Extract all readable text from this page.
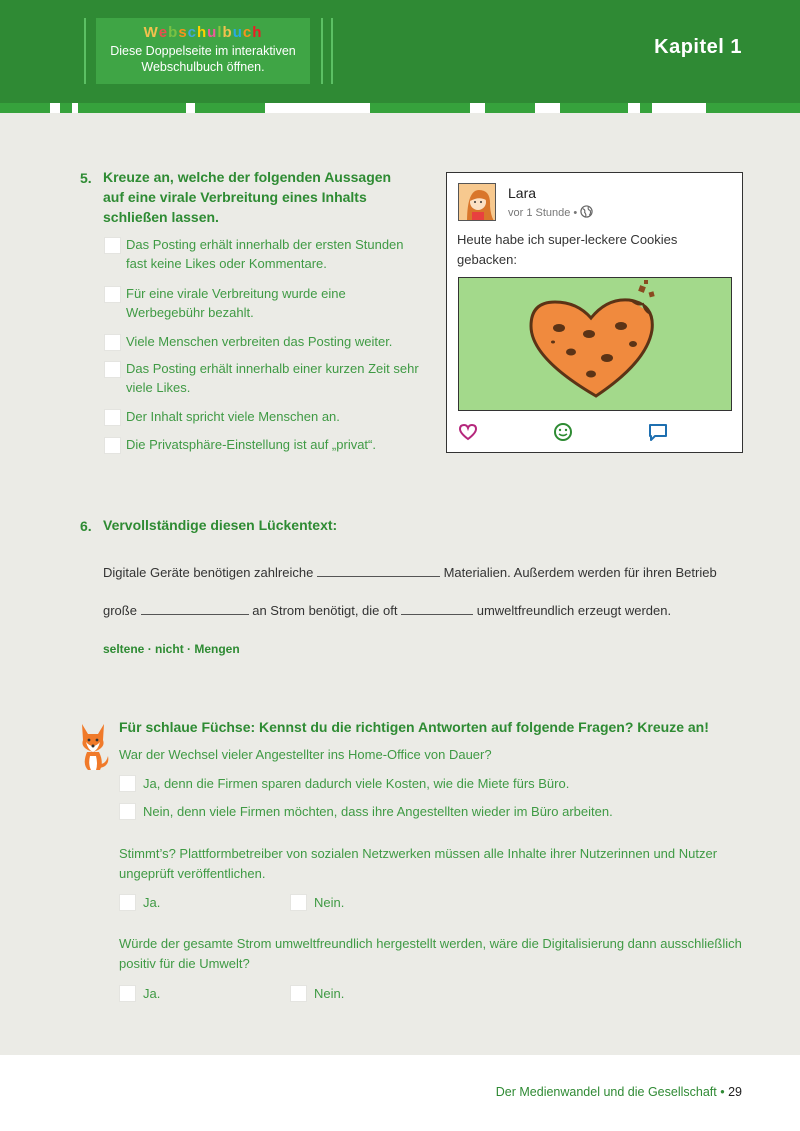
Webschulbuch
Diese Doppelseite im interaktiven Webschulbuch öffnen.
Kapitel 1
5. Kreuze an, welche der folgenden Aussagen auf eine virale Verbreitung eines Inhalts schließen lassen.
Das Posting erhält innerhalb der ersten Stunden fast keine Likes oder Kommentare.
Für eine virale Verbreitung wurde eine Werbegebühr bezahlt.
Viele Menschen verbreiten das Posting weiter.
Das Posting erhält innerhalb einer kurzen Zeit sehr viele Likes.
Der Inhalt spricht viele Menschen an.
Die Privatsphäre-Einstellung ist auf „privat“.
Lara
vor 1 Stunde •
Heute habe ich super-leckere Cookies gebacken:
6. Vervollständige diesen Lückentext:
Digitale Geräte benötigen zahlreiche	Materialien. Außerdem werden für ihren Betrieb
große	an Strom benötigt, die oft	umweltfreundlich erzeugt werden.
seltene · nicht · Mengen
Für schlaue Füchse: Kennst du die richtigen Antworten auf folgende Fragen? Kreuze an!
War der Wechsel vieler Angestellter ins Home-Office von Dauer?
Ja, denn die Firmen sparen dadurch viele Kosten, wie die Miete fürs Büro.
Nein, denn viele Firmen möchten, dass ihre Angestellten wieder im Büro arbeiten.
Stimmt’s? Plattformbetreiber von sozialen Netzwerken müssen alle Inhalte ihrer Nutzerinnen und Nutzer ungeprüft veröffentlichen.
Ja.	Nein.
Würde der gesamte Strom umweltfreundlich hergestellt werden, wäre die Digitalisierung dann ausschließlich positiv für die Umwelt?
Ja.	Nein.
Der Medienwandel und die Gesellschaft • 29
